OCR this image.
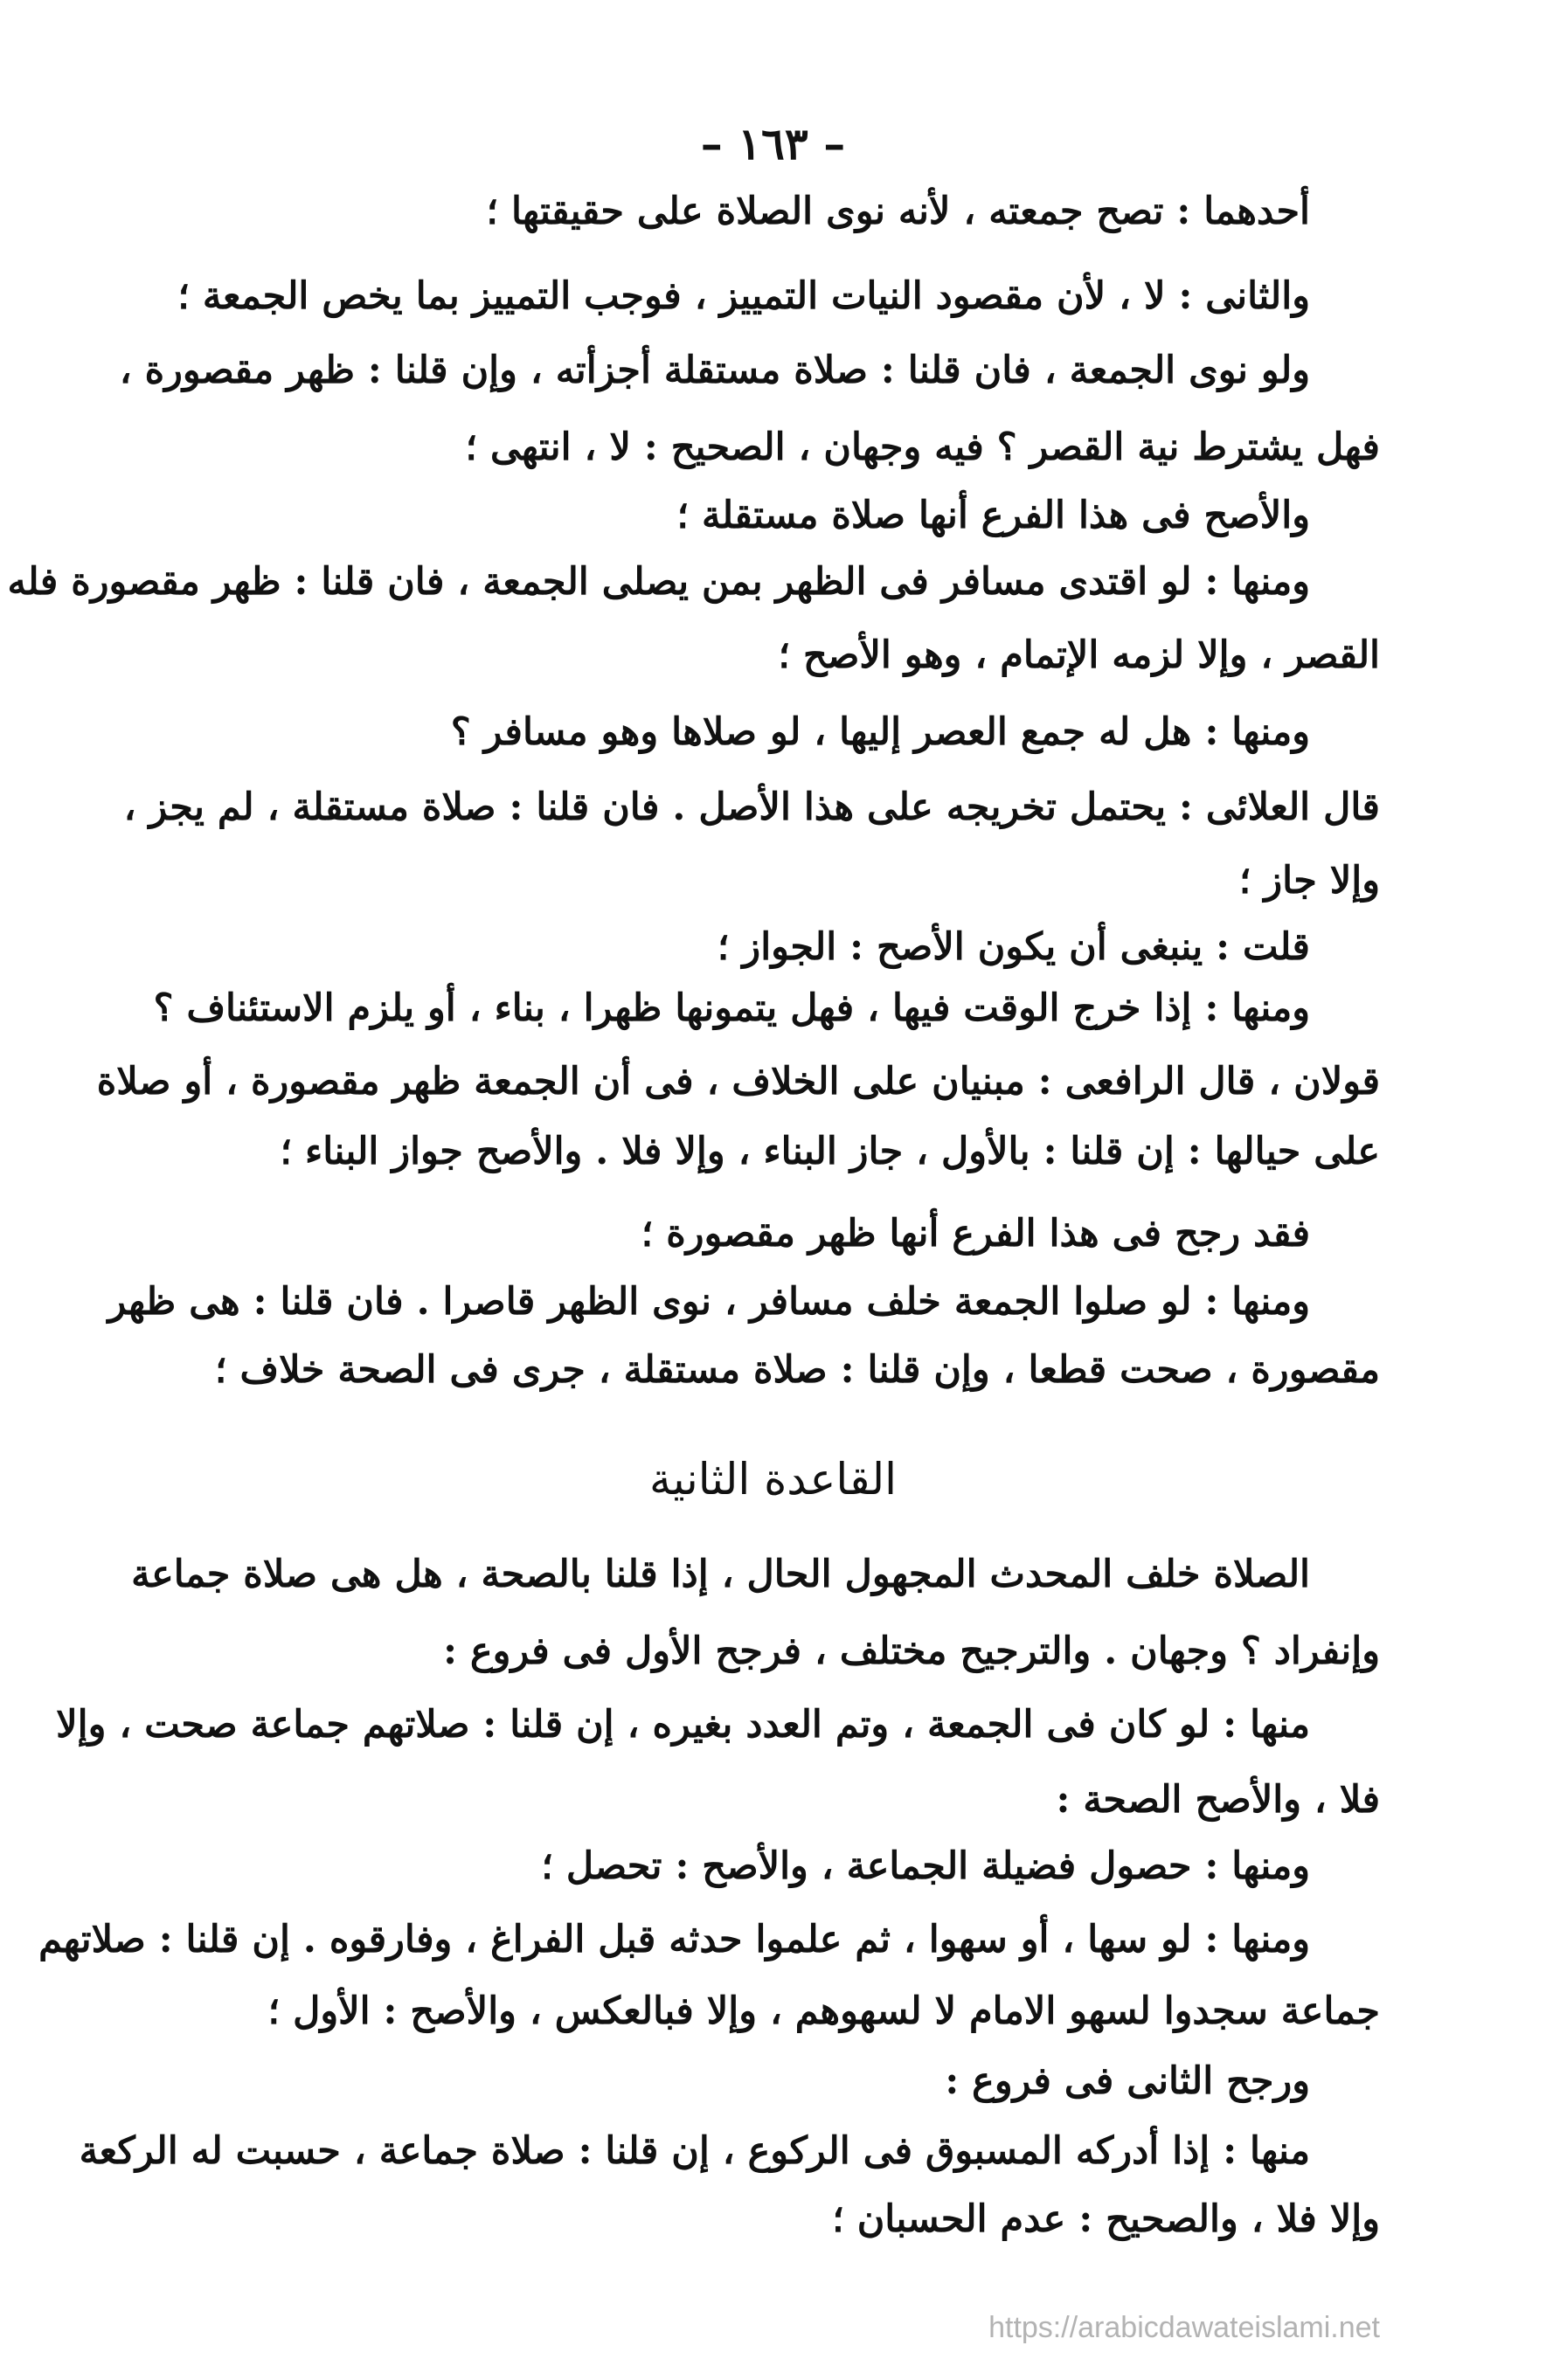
– ١٦٣ –
أحدهما : تصح جمعته ، لأنه نوى الصلاة على حقيقتها ؛
والثانى : لا ، لأن مقصود النيات التمييز ، فوجب التمييز بما يخص الجمعة ؛
ولو نوى الجمعة ، فان قلنا : صلاة مستقلة أجزأته ، وإن قلنا : ظهر مقصورة ،
فهل يشترط نية القصر ؟ فيه وجهان ، الصحيح : لا ، انتهى ؛
والأصح فى هذا الفرع أنها صلاة مستقلة ؛
ومنها : لو اقتدى مسافر فى الظهر بمن يصلى الجمعة ، فان قلنا : ظهر مقصورة فله
القصر ، وإلا لزمه الإتمام ، وهو الأصح ؛
ومنها : هل له جمع العصر إليها ، لو صلاها وهو مسافر ؟
قال العلائى : يحتمل تخريجه على هذا الأصل . فان قلنا : صلاة مستقلة ، لم يجز ،
وإلا جاز ؛
قلت : ينبغى أن يكون الأصح : الجواز ؛
ومنها : إذا خرج الوقت فيها ، فهل يتمونها ظهرا ، بناء ، أو يلزم الاستئناف ؟
قولان ، قال الرافعى : مبنيان على الخلاف ، فى أن الجمعة ظهر مقصورة ، أو صلاة
على حيالها : إن قلنا : بالأول ، جاز البناء ، وإلا فلا . والأصح جواز البناء ؛
فقد رجح فى هذا الفرع أنها ظهر مقصورة ؛
ومنها : لو صلوا الجمعة خلف مسافر ، نوى الظهر قاصرا . فان قلنا : هى ظهر
مقصورة ، صحت قطعا ، وإن قلنا : صلاة مستقلة ، جرى فى الصحة خلاف ؛
القاعدة الثانية
الصلاة خلف المحدث المجهول الحال ، إذا قلنا بالصحة ، هل هى صلاة جماعة
وإنفراد ؟ وجهان . والترجيح مختلف ، فرجح الأول فى فروع :
منها : لو كان فى الجمعة ، وتم العدد بغيره ، إن قلنا : صلاتهم جماعة صحت ، وإلا
فلا ، والأصح الصحة :
ومنها : حصول فضيلة الجماعة ، والأصح : تحصل ؛
ومنها : لو سها ، أو سهوا ، ثم علموا حدثه قبل الفراغ ، وفارقوه . إن قلنا : صلاتهم
جماعة سجدوا لسهو الامام لا لسهوهم ، وإلا فبالعكس ، والأصح : الأول ؛
ورجح الثانى فى فروع :
منها : إذا أدركه المسبوق فى الركوع ، إن قلنا : صلاة جماعة ، حسبت له الركعة
وإلا فلا ، والصحيح : عدم الحسبان ؛
https://arabicdawateislami.net
